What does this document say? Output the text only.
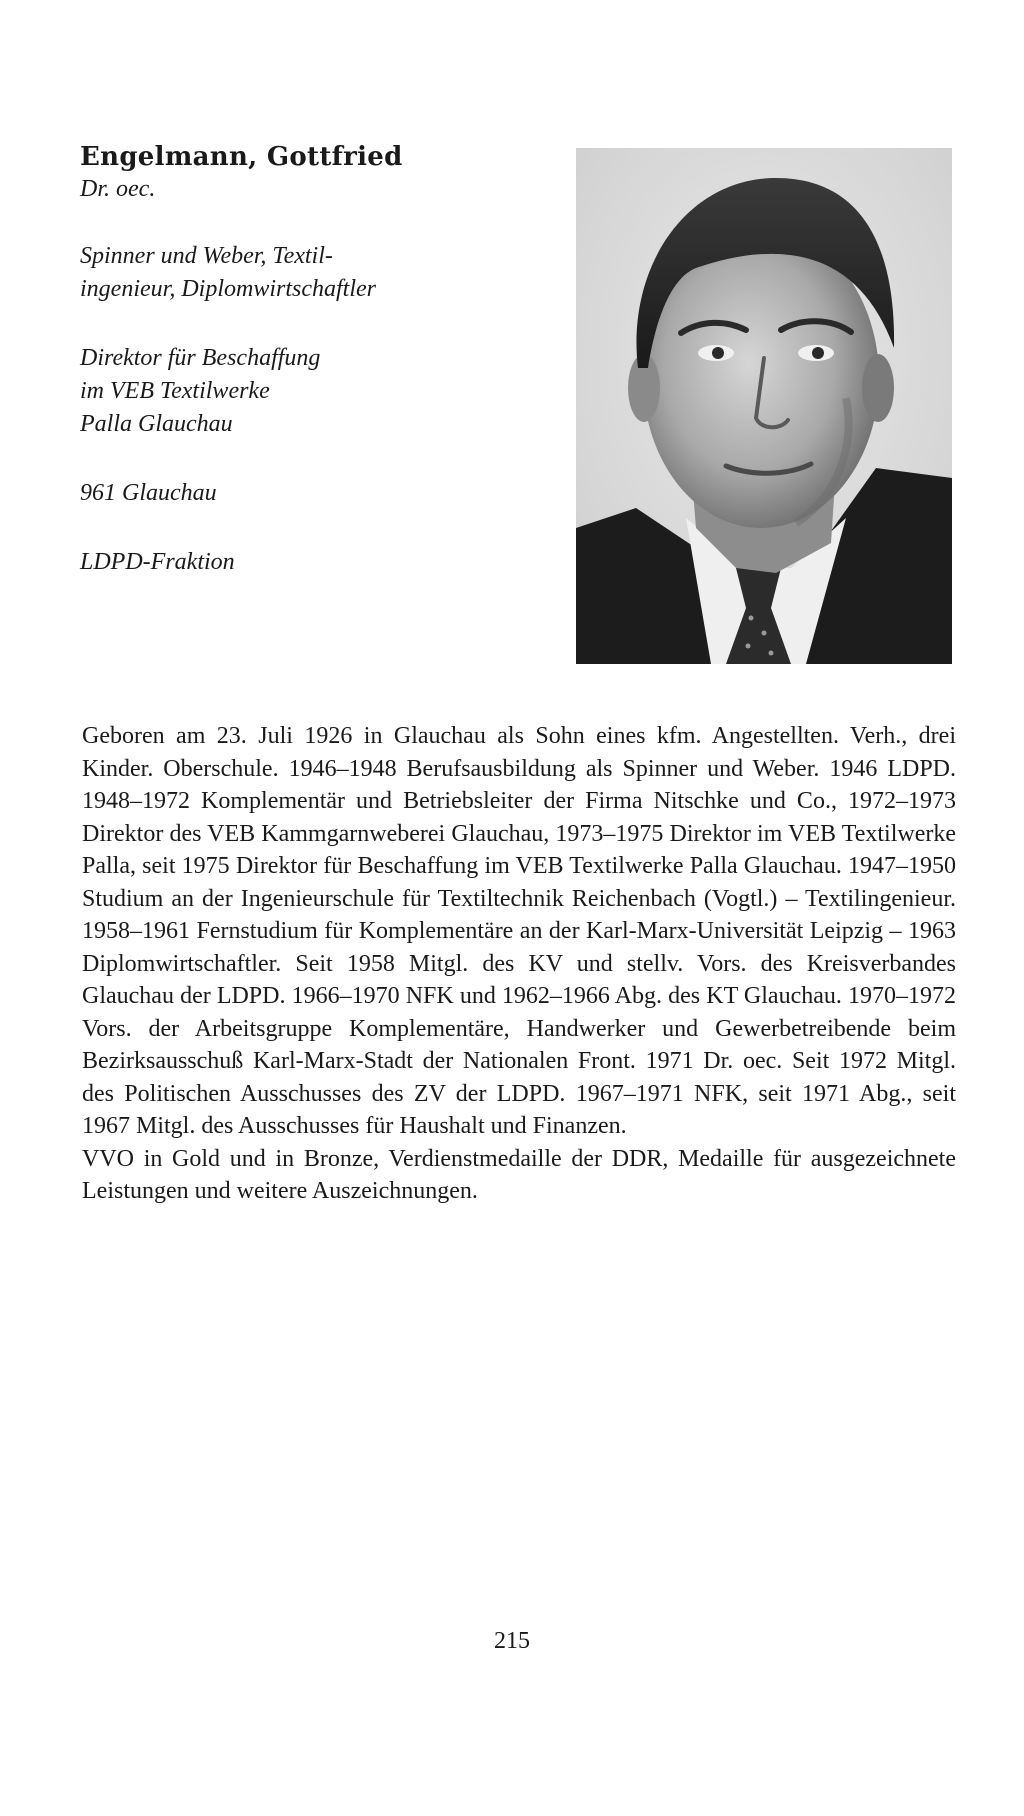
Engelmann, Gottfried

Dr. oec.

Spinner und Weber, Textil-
ingenieur, Diplomwirtschaftler
Direktor für Beschaffung
im VEB Textilwerke
Palla Glauchau
961 Glauchau
LDPD-Fraktion

Geboren am 23. Juli 1926 in Glauchau als Sohn eines kfm. Angestellten. Verh., drei Kinder. Oberschule. 1946–1948 Berufsausbildung als Spinner und Weber. 1946 LDPD. 1948–1972 Komplementär und Betriebsleiter der Firma Nitschke und Co., 1972–1973 Direktor des VEB Kammgarnweberei Glauchau, 1973–1975 Direktor im VEB Textilwerke Palla, seit 1975 Direktor für Beschaffung im VEB Textilwerke Palla Glauchau. 1947–1950 Studium an der Ingenieurschule für Textiltechnik Reichenbach (Vogtl.) – Textilingenieur. 1958–1961 Fernstudium für Komplementäre an der Karl-Marx-Universität Leipzig – 1963 Diplomwirtschaftler. Seit 1958 Mitgl. des KV und stellv. Vors. des Kreisverbandes Glauchau der LDPD. 1966–1970 NFK und 1962–1966 Abg. des KT Glauchau. 1970–1972 Vors. der Arbeitsgruppe Komplementäre, Handwerker und Gewerbetreibende beim Bezirksausschuß Karl-Marx-Stadt der Nationalen Front. 1971 Dr. oec. Seit 1972 Mitgl. des Politischen Ausschusses des ZV der LDPD. 1967–1971 NFK, seit 1971 Abg., seit 1967 Mitgl. des Ausschusses für Haushalt und Finanzen.

VVO in Gold und in Bronze, Verdienstmedaille der DDR, Medaille für ausgezeichnete Leistungen und weitere Auszeichnungen.

215
